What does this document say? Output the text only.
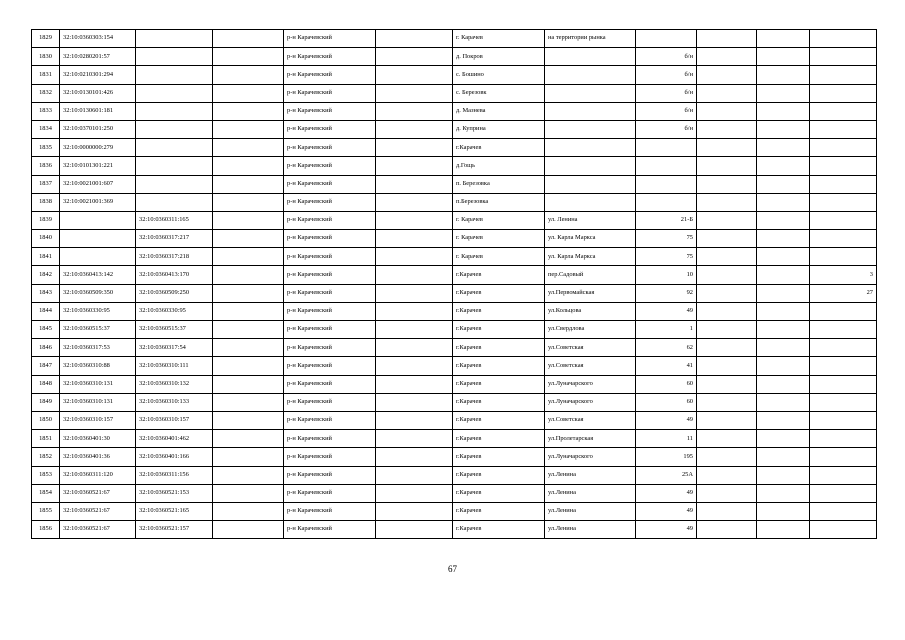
1829	32:10:0360303:154			р-н Карачевский		г. Карачев	на территории рынка				
1830	32:10:0280201:57			р-н Карачевский		д. Покров		б/н			
1831	32:10:0210301:294			р-н Карачевский		с. Бошино		б/н			
1832	32:10:0130101:426			р-н Карачевский		с. Березовк		б/н			
1833	32:10:0130601:181			р-н Карачевский		д. Мазнева		б/н			
1834	32:10:0370101:250			р-н Карачевский		д. Куприна		б/н			
1835	32:10:0000000:279			р-н Карачевский		г.Карачев					
1836	32:10:0101301:221			р-н Карачевский		д.Гощь					
1837	32:10:0021001:607			р-н Карачевский		п. Березовка					
1838	32:10:0021001:369			р-н Карачевский		п.Березовка					
1839		32:10:0360311:165		р-н Карачевский		г. Карачев	ул. Ленина	21-Б			
1840		32:10:0360317:217		р-н Карачевский		г. Карачев	ул. Карла Маркса	75			
1841		32:10:0360317:218		р-н Карачевский		г. Карачев	ул. Карла Маркса	75			
1842	32:10:0360413:142	32:10:0360413:170		р-н Карачевский		г.Карачев	пер.Садовый	10			3
1843	32:10:0360509:350	32:10:0360509:250		р-н Карачевский		г.Карачев	ул.Первомайская	92			27
1844	32:10:0360330:95	32:10:0360330:95		р-н Карачевский		г.Карачев	ул.Кольцова	49			
1845	32:10:0360515:37	32:10:0360515:37		р-н Карачевский		г.Карачев	ул.Свердлова	1			
1846	32:10:0360317:53	32:10:0360317:54		р-н Карачевский		г.Карачев	ул.Советская	62			
1847	32:10:0360310:88	32:10:0360310:111		р-н Карачевский		г.Карачев	ул.Советская	41			
1848	32:10:0360310:131	32:10:0360310:132		р-н Карачевский		г.Карачев	ул.Луначарского	60			
1849	32:10:0360310:131	32:10:0360310:133		р-н Карачевский		г.Карачев	ул.Луначарского	60			
1850	32:10:0360310:157	32:10:0360310:157		р-н Карачевский		г.Карачев	ул.Советская	49			
1851	32:10:0360401:30	32:10:0360401:462		р-н Карачевский		г.Карачев	ул.Пролетарская	11			
1852	32:10:0360401:36	32:10:0360401:166		р-н Карачевский		г.Карачев	ул.Луначарского	195			
1853	32:10:0360311:120	32:10:0360311:156		р-н Карачевский		г.Карачев	ул.Ленина	25А			
1854	32:10:0360521:67	32:10:0360521:153		р-н Карачевский		г.Карачев	ул.Ленина	49			
1855	32:10:0360521:67	32:10:0360521:165		р-н Карачевский		г.Карачев	ул.Ленина	49			
1856	32:10:0360521:67	32:10:0360521:157		р-н Карачевский		г.Карачев	ул.Ленина	49			
67
